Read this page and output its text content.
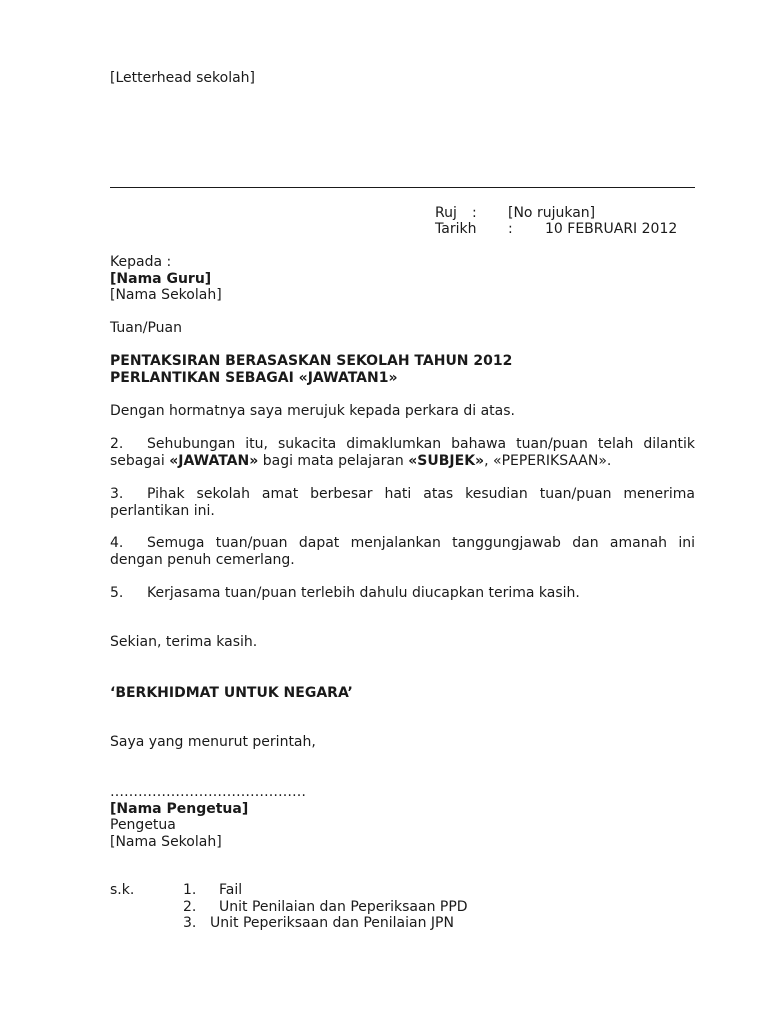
[Letterhead sekolah]
Ruj : [No rujukan]
Tarikh : 10 FEBRUARI 2012
Kepada :
[Nama Guru]
[Nama Sekolah]
Tuan/Puan
PENTAKSIRAN BERASASKAN SEKOLAH TAHUN 2012
PERLANTIKAN SEBAGAI «JAWATAN1»
Dengan hormatnya saya merujuk kepada perkara di atas.
2. Sehubungan itu, sukacita dimaklumkan bahawa tuan/puan telah dilantik sebagai «JAWATAN» bagi mata pelajaran «SUBJEK», «PEPERIKSAAN».
3. Pihak sekolah amat berbesar hati atas kesudian tuan/puan menerima perlantikan ini.
4. Semuga tuan/puan dapat menjalankan tanggungjawab dan amanah ini dengan penuh cemerlang.
5. Kerjasama tuan/puan terlebih dahulu diucapkan terima kasih.
Sekian, terima kasih.
‘BERKHIDMAT UNTUK NEGARA’
Saya yang menurut perintah,
……………………………………
[Nama Pengetua]
Pengetua
[Nama Sekolah]
s.k.	1. Fail
2. Unit Penilaian dan Peperiksaan PPD
3. Unit Peperiksaan dan Penilaian JPN
